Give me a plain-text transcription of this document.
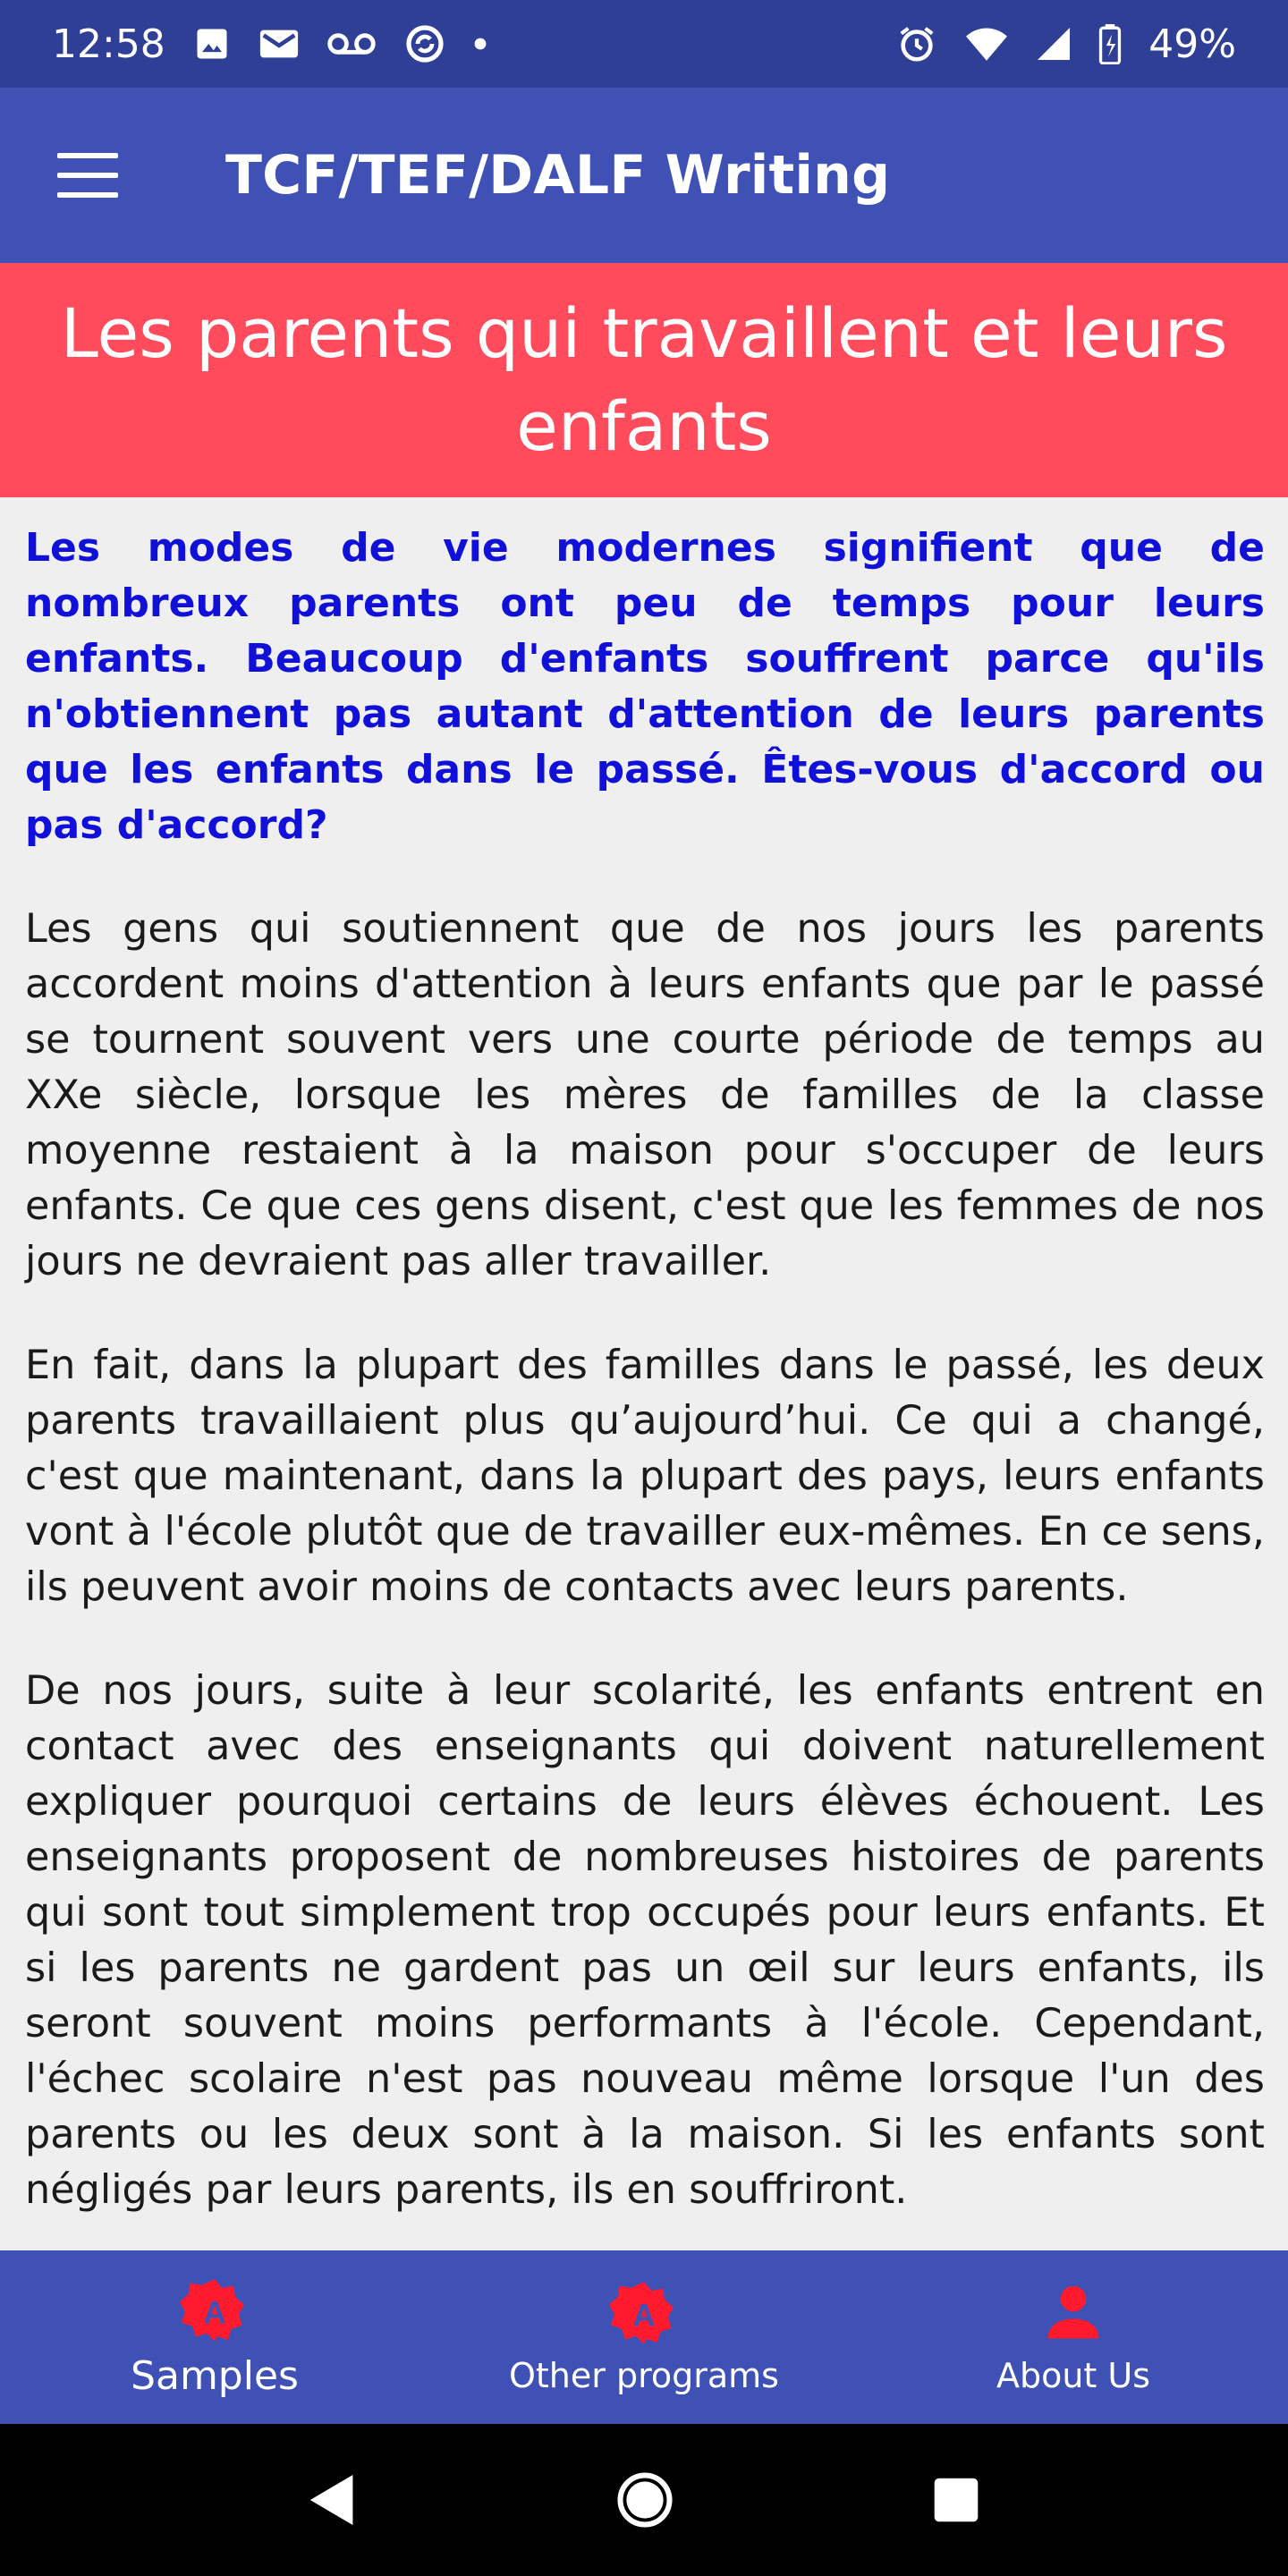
12:58	49%
TCF/TEF/DALF Writing
Les parents qui travaillent et leurs enfants

Les modes de vie modernes signifient que de nombreux parents ont peu de temps pour leurs enfants. Beaucoup d'enfants souffrent parce qu'ils n'obtiennent pas autant d'attention de leurs parents que les enfants dans le passé. Êtes-vous d'accord ou pas d'accord?

Les gens qui soutiennent que de nos jours les parents accordent moins d'attention à leurs enfants que par le passé se tournent souvent vers une courte période de temps au XXe siècle, lorsque les mères de familles de la classe moyenne restaient à la maison pour s'occuper de leurs enfants. Ce que ces gens disent, c'est que les femmes de nos jours ne devraient pas aller travailler.

En fait, dans la plupart des familles dans le passé, les deux parents travaillaient plus qu’aujourd’hui. Ce qui a changé, c'est que maintenant, dans la plupart des pays, leurs enfants vont à l'école plutôt que de travailler eux-mêmes. En ce sens, ils peuvent avoir moins de contacts avec leurs parents.

De nos jours, suite à leur scolarité, les enfants entrent en contact avec des enseignants qui doivent naturellement expliquer pourquoi certains de leurs élèves échouent. Les enseignants proposent de nombreuses histoires de parents qui sont tout simplement trop occupés pour leurs enfants. Et si les parents ne gardent pas un œil sur leurs enfants, ils seront souvent moins performants à l'école. Cependant, l'échec scolaire n'est pas nouveau même lorsque l'un des parents ou les deux sont à la maison. Si les enfants sont négligés par leurs parents, ils en souffriront.

A
Samples
A
Other programs	About Us
